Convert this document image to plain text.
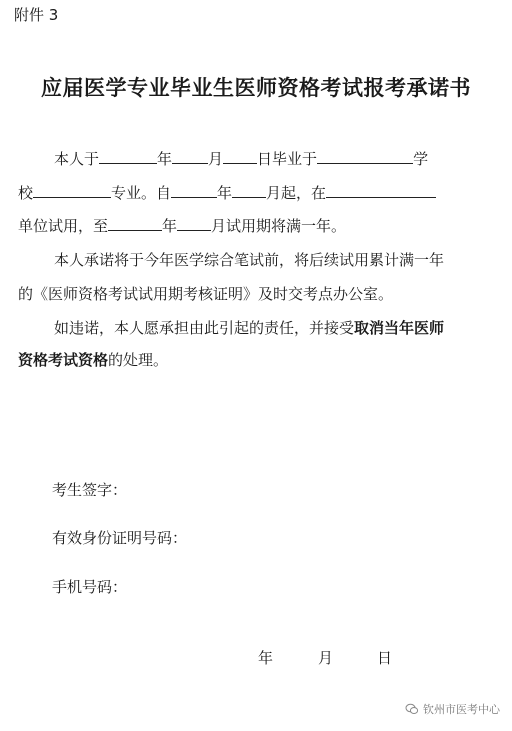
附件 3
应届医学专业毕业生医师资格考试报考承诺书
本人于	年 月 日毕业于	学
校	专业。自	年 月起，在
单位试用，至	年 月试用期将满一年。
本人承诺将于今年医学综合笔试前，将后续试用累计满一年
的《医师资格考试试用期考核证明》及时交考点办公室。
如违诺，本人愿承担由此引起的责任，并接受取消当年医师
资格考试资格的处理。
考生签字：
有效身份证明号码：
手机号码：
年	月	日
钦州市医考中心
